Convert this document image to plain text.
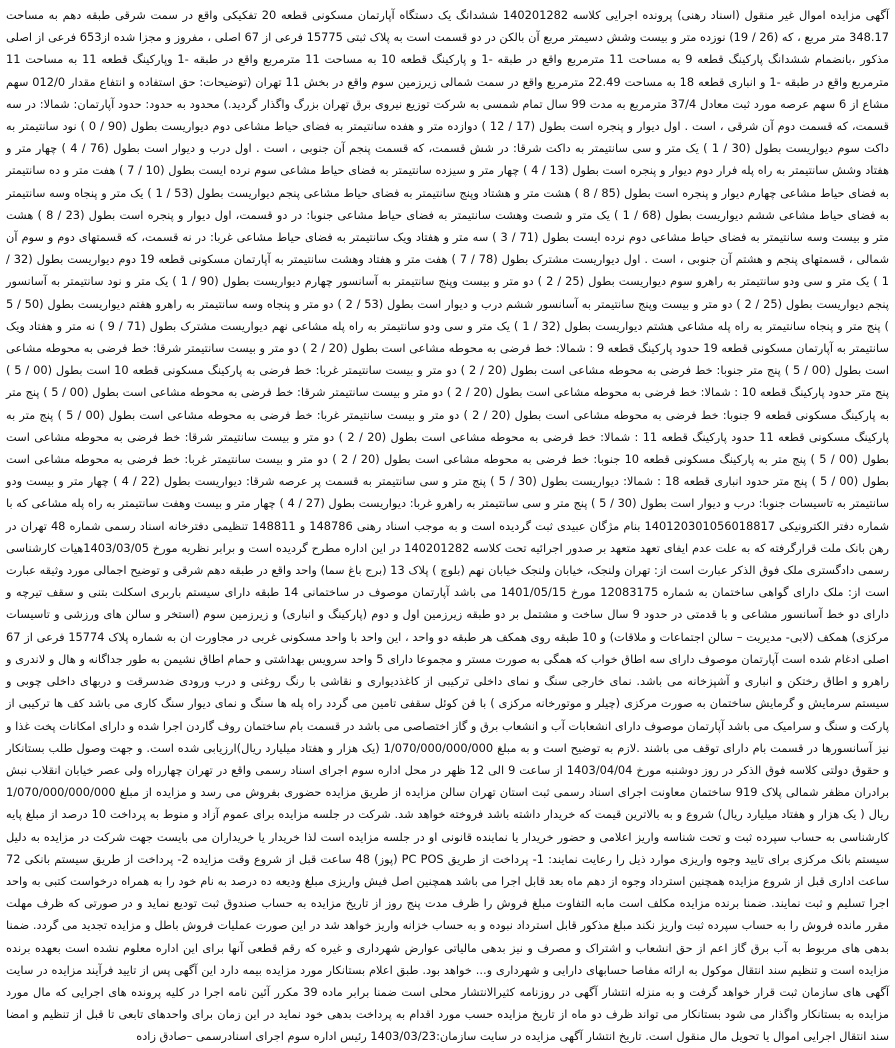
آگهی مزایده اموال غیر منقول (اسناد رهنی) پرونده اجرایی کلاسه 140201282 ششدانگ یک دستگاه آپارتمان مسکونی قطعه 20 تفکیکی واقع در سمت شرقی طبقه دهم به مساحت 348.17 متر مربع ، که (26 / 19) نوزده متر و بیست وشش دسیمتر مربع آن بالکن در دو قسمت است به پلاک ثبتی 15775 فرعی از 67 اصلی ، مفروز و مجزا شده از653 فرعی از اصلی مذکور ،بانضمام ششدانگ پارکینگ قطعه 9 به مساحت 11 مترمربع واقع در طبقه -1 و پارکینگ قطعه 10 به مساحت 11 مترمربع واقع در طبقه -1 وپارکینگ قطعه 11 به مساحت 11 مترمربع واقع در طبقه -1 و انباری قطعه 18 به مساحت 22.49 مترمربع واقع در سمت شمالی زیرزمین سوم واقع در بخش 11 تهران (توضیحات: حق استفاده و انتفاع مقدار 012/0 سهم مشاع از 6 سهم عرصه مورد ثبت معادل 37/4 مترمربع به مدت 99 سال تمام شمسی به شرکت توزیع نیروی برق تهران بزرگ واگذار گردید.) محدود به حدود: حدود آپارتمان: شمالا: در سه قسمت، که قسمت دوم آن شرقی ، است . اول دیوار و پنجره است بطول (17 / 12 ) دوازده متر و هفده سانتیمتر به فضای حیاط مشاعی دوم دیواریست بطول (90 / 0 ) نود سانتیمتر به داکت سوم دیواریست بطول (30 / 1 ) یک متر و سی سانتیمتر به داکت شرقا: در شش قسمت، که قسمت پنجم آن جنوبی ، است . اول درب و دیوار است بطول (76 / 4 ) چهار متر و هفتاد وشش سانتیمتر به راه پله فرار دوم دیوار و پنجره است بطول (13 / 4 ) چهار متر و سیزده سانتیمتر به فضای حیاط مشاعی سوم نرده ایست بطول (10 / 7 ) هفت متر و ده سانتیمتر به فضای حیاط مشاعی چهارم دیوار و پنجره است بطول (85 / 8 ) هشت متر و هشتاد وپنج سانتیمتر به فضای حیاط مشاعی پنجم دیواریست بطول (53 / 1 ) یک متر و پنجاه وسه سانتیمتر به فضای حیاط مشاعی ششم دیواریست بطول (68 / 1 ) یک متر و شصت وهشت سانتیمتر به فضای حیاط مشاعی جنوبا: در دو قسمت، اول دیوار و پنجره است بطول (23 / 8 ) هشت متر و بیست وسه سانتیمتر به فضای حیاط مشاعی دوم نرده ایست بطول (71 / 3 ) سه متر و هفتاد ویک سانتیمتر به فضای حیاط مشاعی غربا: در نه قسمت، که قسمتهای دوم و سوم آن شمالی ، قسمتهای پنجم و هشتم آن جنوبی ، است . اول دیواریست مشترک بطول (78 / 7 ) هفت متر و هفتاد وهشت سانتیمتر به آپارتمان مسکونی قطعه 19 دوم دیواریست بطول (32 / 1 ) یک متر و سی ودو سانتیمتر به راهرو سوم دیواریست بطول (25 / 2 ) دو متر و بیست وپنج سانتیمتر به آسانسور چهارم دیواریست بطول (90 / 1 ) یک متر و نود سانتیمتر به آسانسور پنجم دیواریست بطول (25 / 2 ) دو متر و بیست وپنج سانتیمتر به آسانسور ششم درب و دیوار است بطول (53 / 2 ) دو متر و پنجاه وسه سانتیمتر به راهرو هفتم دیواریست بطول (50 / 5 ) پنج متر و پنجاه سانتیمتر به راه پله مشاعی هشتم دیواریست بطول (32 / 1 ) یک متر و سی ودو سانتیمتر به راه پله مشاعی نهم دیواریست مشترک بطول (71 / 9 ) نه متر و هفتاد ویک سانتیمتر به آپارتمان مسکونی قطعه 19 حدود پارکینگ قطعه 9 : شمالا: خط فرضی به محوطه مشاعی است بطول (20 / 2 ) دو متر و بیست سانتیمتر شرقا: خط فرضی به محوطه مشاعی است بطول (00 / 5 ) پنج متر جنوبا: خط فرضی به محوطه مشاعی است بطول (20 / 2 ) دو متر و بیست سانتیمتر غربا: خط فرضی به پارکینگ مسکونی قطعه 10 است بطول (00 / 5 ) پنج متر حدود پارکینگ قطعه 10 : شمالا: خط فرضی به محوطه مشاعی است بطول (20 / 2 ) دو متر و بیست سانتیمتر شرقا: خط فرضی به محوطه مشاعی است بطول (00 / 5 ) پنج متر به پارکینگ مسکونی قطعه 9 جنوبا: خط فرضی به محوطه مشاعی است بطول (20 / 2 ) دو متر و بیست سانتیمتر غربا: خط فرضی به محوطه مشاعی است بطول (00 / 5 ) پنج متر به پارکینگ مسکونی قطعه 11 حدود پارکینگ قطعه 11 : شمالا: خط فرضی به محوطه مشاعی است بطول (20 / 2 ) دو متر و بیست سانتیمتر شرقا: خط فرضی به محوطه مشاعی است بطول (00 / 5 ) پنج متر به پارکینگ مسکونی قطعه 10 جنوبا: خط فرضی به محوطه مشاعی است بطول (20 / 2 ) دو متر و بیست سانتیمتر غربا: خط فرضی به محوطه مشاعی است بطول (00 / 5 ) پنج متر حدود انباری قطعه 18 : شمالا: دیواریست بطول (30 / 5 ) پنج متر و سی سانتیمتر به قسمت پر عرصه شرقا: دیواریست بطول (22 / 4 ) چهار متر و بیست ودو سانتیمتر به تاسیسات جنوبا: درب و دیوار است بطول (30 / 5 ) پنج متر و سی سانتیمتر به راهرو غربا: دیواریست بطول (27 / 4 ) چهار متر و بیست وهفت سانتیمتر به راه پله مشاعی که با شماره دفتر الکترونیکی 140120301056018817 بنام مژگان عبیدی ثبت گردیده است و به موجب اسناد رهنی 148786 و 148811 تنظیمی دفترخانه اسناد رسمی شماره 48 تهران در رهن بانک ملت قرارگرفته که به علت عدم ایفای تعهد متعهد بر صدور اجرائیه تحت کلاسه 140201282 در این اداره مطرح گردیده است و برابر نظریه مورخ 1403/03/05هیات کارشناسی رسمی دادگستری ملک فوق الذکر عبارت است از: تهران ولنجک، خیابان ولنجک خیابان نهم (بلوچ ) پلاک 13 (برج باغ سما) واحد واقع در طبقه دهم شرقی و توضیح اجمالی مورد وثیقه عبارت است از: ملک دارای گواهی ساختمان به شماره 12083175 مورخ 1401/05/15 می باشد آپارتمان موصوف در ساختمانی 14 طبقه دارای سیستم باربری اسکلت بتنی و سقف تیرچه و دارای دو خط آسانسور مشاعی و با قدمتی در حدود 9 سال ساخت و مشتمل بر دو طبقه زیرزمین اول و دوم (پارکینگ و انباری) و زیرزمین سوم (استخر و سالن های ورزشی و تاسیسات مرکزی) همکف (لابی- مدیریت – سالن اجتماعات و ملاقات) و 10 طبقه روی همکف هر طبقه دو واحد ، این واحد با واحد مسکونی غربی در مجاورت ان به شماره پلاک 15774 فرعی از 67 اصلی ادغام شده است آپارتمان موصوف دارای سه اطاق خواب که همگی به صورت مستر و مجموعا دارای 5 واحد سرویس بهداشتی و حمام اطاق نشیمن به طور جداگانه و هال و لاندری و راهرو و اطاق رختکن و انباری و آشپزخانه می باشد. نمای خارجی سنگ و نمای داخلی ترکیبی از کاغذدیواری و نقاشی با رنگ روغنی و درب ورودی ضدسرقت و دربهای داخلی چوبی و سیستم سرمایش و گرمایش ساختمان به صورت مرکزی (چیلر و موتورخانه مرکزی ) با فن کوئل سقفی تامین می گردد راه پله ها سنگ و نمای دیوار سنگ کاری می باشد کف ها ترکیبی از پارکت و سنگ و سرامیک می باشد آپارتمان موصوف دارای انشعابات آب و انشعاب برق و گاز اختصاصی می باشد در قسمت بام ساختمان روف گاردن اجرا شده و دارای امکانات پخت غذا و نیز آسانسورها در قسمت بام دارای توقف می باشند .لازم به توضیح است و به مبلغ 1/070/000/000/000 (یک هزار و هفتاد میلیارد ریال)ارزیابی شده است. و جهت وصول طلب بستانکار و حقوق دولتی کلاسه فوق الذکر در روز دوشنبه مورخ 1403/04/04 از ساعت 9 الی 12 ظهر در محل اداره سوم اجرای اسناد رسمی واقع در تهران چهارراه ولی عصر خیابان انقلاب نبش برادران مظفر شمالی پلاک 919 ساختمان معاونت اجرای اسناد رسمی ثبت استان تهران سالن مزایده از طریق مزایده حضوری بفروش می رسد و مزایده از مبلغ 1/070/000/000/000 ریال ( یک هزار و هفتاد میلیارد ریال) شروع و به بالاترین قیمت که خریدار داشته باشد فروخته خواهد شد. شرکت در جلسه مزایده برای عموم آزاد و منوط به پرداخت 10 درصد از مبلغ پایه کارشناسی به حساب سپرده ثبت و تحت شناسه واریز اعلامی و حضور خریدار یا نماینده قانونی او در جلسه مزایده است لذا خریدار یا خریداران می بایست جهت شرکت در مزایده به دلیل سیستم بانک مرکزی برای تایید وجوه واریزی موارد ذیل را رعایت نمایند: 1- پرداخت از طریق PC POS (پوز) 48 ساعت قبل از شروع وقت مزایده 2- پرداخت از طریق سیستم بانکی 72 ساعت اداری قبل از شروع مزایده همچنین استرداد وجوه از دهم ماه بعد قابل اجرا می باشد همچنین اصل فیش واریزی مبلغ ودیعه ده درصد به نام خود را به همراه درخواست کتبی به واحد اجرا تسلیم و ثبت نمایند. ضمنا برنده مزایده مکلف است مابه التفاوت مبلغ فروش را ظرف مدت پنج روز از تاریخ مزایده به حساب صندوق ثبت تودیع نماید و در صورتی که ظرف مهلت مقرر مانده فروش را به حساب سپرده ثبت واریز نکند مبلغ مذکور قابل استرداد نبوده و به حساب خزانه واریز خواهد شد در این صورت عملیات فروش باطل و مزایده تجدید می گردد. ضمنا بدهی های مربوط به آب برق گاز اعم از حق انشعاب و اشتراک و مصرف و نیز بدهی مالیاتی عوارض شهرداری و غیره که رقم قطعی آنها برای این اداره معلوم نشده است بعهده برنده مزایده است و تنظیم سند انتقال موکول به ارائه مفاصا حسابهای دارایی و شهرداری و... خواهد بود. طبق اعلام بستانکار مورد مزایده بیمه دارد این آگهی پس از تایید فرآیند مزایده در سایت آگهی های سازمان ثبت قرار خواهد گرفت و به منزله انتشار آگهی در روزنامه کثیرالانتشار محلی است ضمنا برابر ماده 39 مکرر آئین نامه اجرا در کلیه پرونده های اجرایی که مال مورد مزایده به بستانکار واگذار می شود بستانکار می تواند ظرف دو ماه از تاریخ مزایده حسب مورد اقدام به پرداخت بدهی خود نماید در این زمان برای واحدهای تابعی تا قبل از تنظیم و امضا سند انتقال اجرایی اموال یا تحویل مال منقول است. تاریخ انتشار آگهی مزایده در سایت سازمان:1403/03/23 رئیس اداره سوم اجرای اسنادرسمی –صادق زاده
